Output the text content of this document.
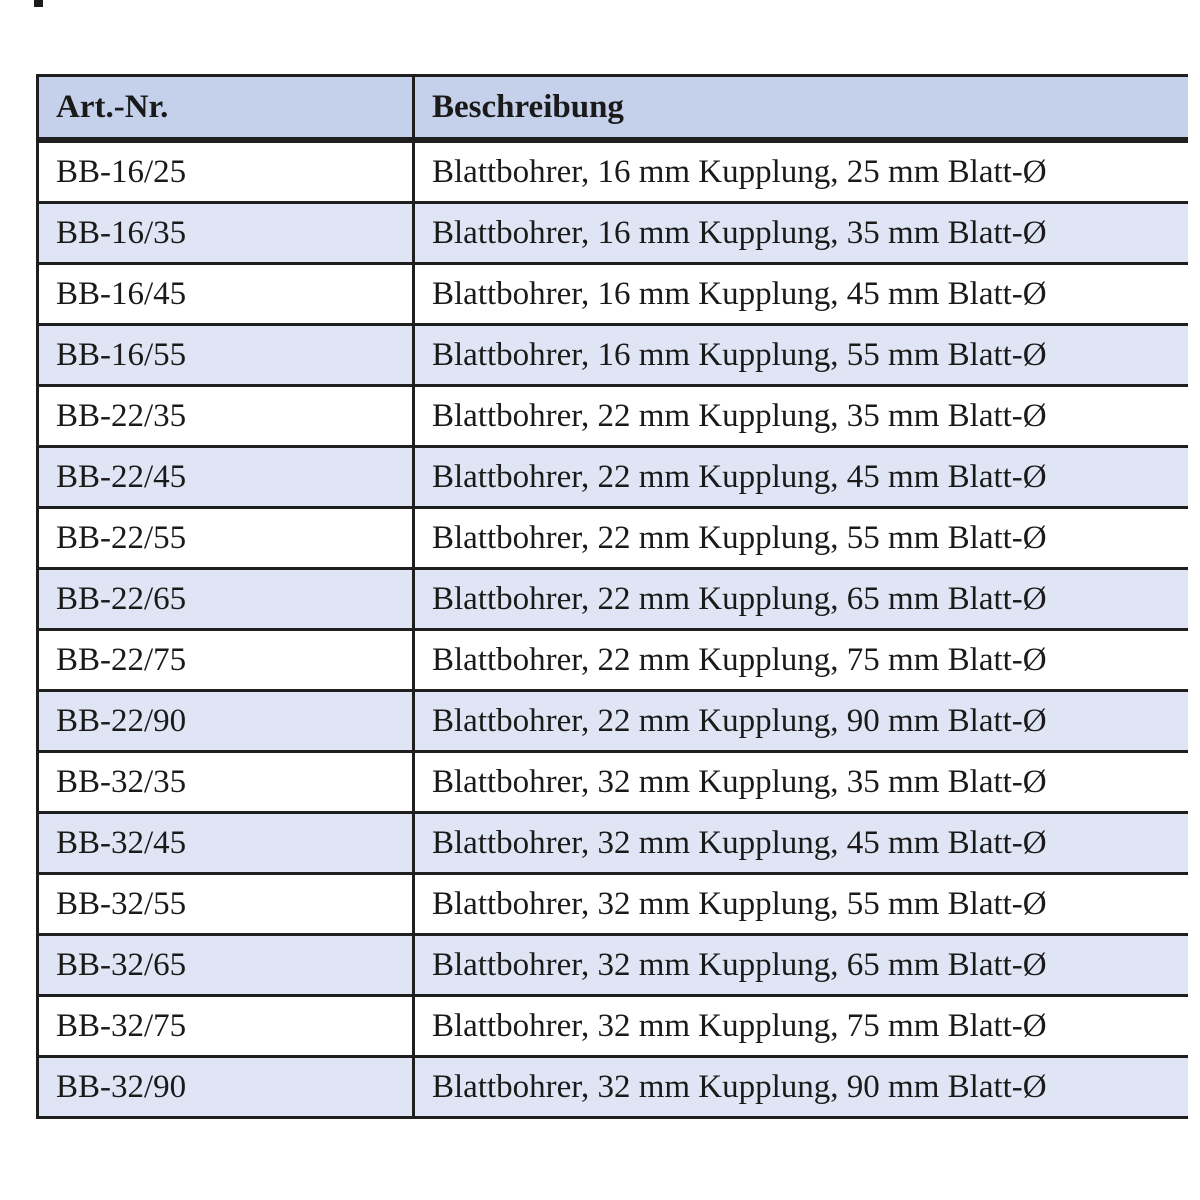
Art.-Nr.	Beschreibung
BB-16/25	Blattbohrer, 16 mm Kupplung, 25 mm Blatt-Ø
BB-16/35	Blattbohrer, 16 mm Kupplung, 35 mm Blatt-Ø
BB-16/45	Blattbohrer, 16 mm Kupplung, 45 mm Blatt-Ø
BB-16/55	Blattbohrer, 16 mm Kupplung, 55 mm Blatt-Ø
BB-22/35	Blattbohrer, 22 mm Kupplung, 35 mm Blatt-Ø
BB-22/45	Blattbohrer, 22 mm Kupplung, 45 mm Blatt-Ø
BB-22/55	Blattbohrer, 22 mm Kupplung, 55 mm Blatt-Ø
BB-22/65	Blattbohrer, 22 mm Kupplung, 65 mm Blatt-Ø
BB-22/75	Blattbohrer, 22 mm Kupplung, 75 mm Blatt-Ø
BB-22/90	Blattbohrer, 22 mm Kupplung, 90 mm Blatt-Ø
BB-32/35	Blattbohrer, 32 mm Kupplung, 35 mm Blatt-Ø
BB-32/45	Blattbohrer, 32 mm Kupplung, 45 mm Blatt-Ø
BB-32/55	Blattbohrer, 32 mm Kupplung, 55 mm Blatt-Ø
BB-32/65	Blattbohrer, 32 mm Kupplung, 65 mm Blatt-Ø
BB-32/75	Blattbohrer, 32 mm Kupplung, 75 mm Blatt-Ø
BB-32/90	Blattbohrer, 32 mm Kupplung, 90 mm Blatt-Ø
